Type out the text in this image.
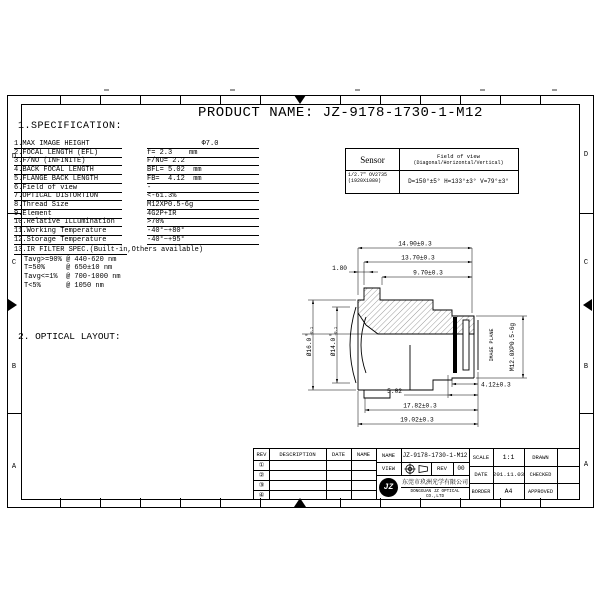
D
C
B
A
D
C
B
A
PRODUCT NAME: JZ-9178-1730-1-M12
1.SPECIFICATION:
1.MAX IMAGE HEIGHT	Φ7.0
2.FOCAL LENGTH (EFL)	f= 2.3    mm
3.F/NO (INFINITE)	F/NO= 2.2
4.BACK FOCAL LENGTH	BFL= 5.02  mm
5.FLANGE BACK LENGTH	FB=  4.12  mm
6.Field of view	-
7.OPTICAL DISTORTION	<-61.3%
8.Thread Size	M12XP0.5-6g
9.Element	4G2P+IR
10.Relative ILLumination	>70%
11.Working Temperature	-40°~+80°
12.Storage Temperature	-40°~+95°
13.IR FILTER SPEC.(Built-in,Others available)
Tavg>=90% @ 440-620 nm
T=50%     @ 650±10 nm
Tavg<=1%  @ 700-1000 nm
T<5%      @ 1050 nm
Sensor	Field of view
(Diagonal/Horizontal/Vertical)
1/2.7" OV2735
(1920X1080)	D=150°±5° H=133°±3° V=79°±3°
2. OPTICAL LAYOUT:
14.90±0.3
13.70±0.3
1.80
9.70±0.3
Ø16.0
0 -0.1
Ø14.0
0 -0.1	IMAGE PLANE M12.0XP0.5-6g
4.12±0.3
5.02
17.82±0.3
19.02±0.3
REV	DESCRIPTION	DATE	NAME
①
②
③
④
NAME	JZ-9178-1730-1-M12
VIEW	REV	00
JZ
东莞市玖洲光学有限公司
DONGGUAN JZ OPTICAL CO.,LTD
SCALE	1:1
DATE 201.11.03
BORDER	A4
DRAWN
CHECKED
APPROVED
